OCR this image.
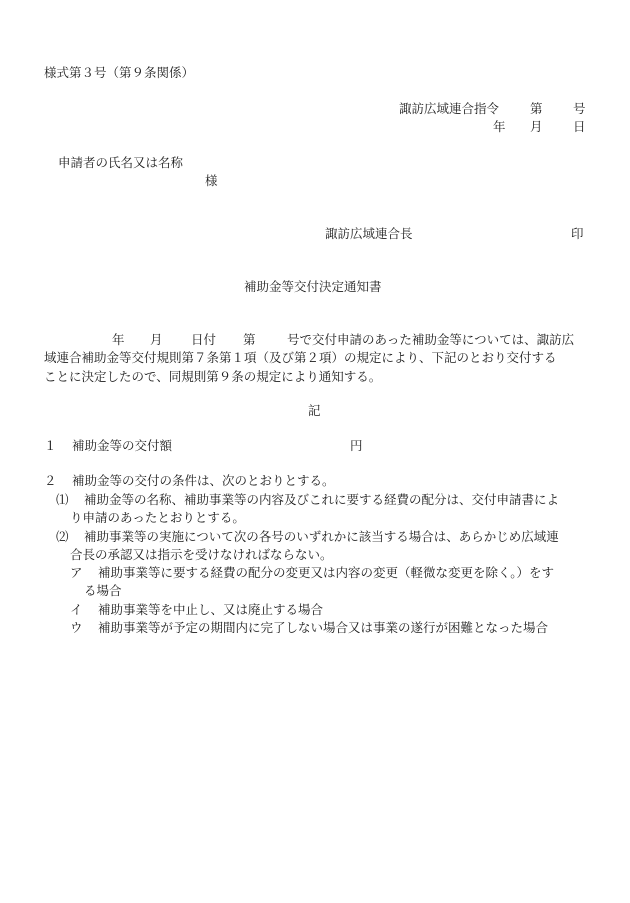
様式第３号（第９条関係）
諏訪広域連合指令 第 号
年 月 日
申請者の氏名又は名称
様
諏訪広域連合長	印
補助金等交付決定通知書
年 月 日付 第	号で交付申請のあった補助金等については、諏訪広
域連合補助金等交付規則第７条第１項（及び第２項）の規定により、下記のとおり交付する
ことに決定したので、同規則第９条の規定により通知する。
記
１ 補助金等の交付額	円
２ 補助金等の交付の条件は、次のとおりとする。
⑴ 補助金等の名称、補助事業等の内容及びこれに要する経費の配分は、交付申請書によ
り申請のあったとおりとする。
⑵ 補助事業等の実施について次の各号のいずれかに該当する場合は、あらかじめ広域連
合長の承認又は指示を受けなければならない。
ア 補助事業等に要する経費の配分の変更又は内容の変更（軽微な変更を除く。）をす
る場合
イ 補助事業等を中止し、又は廃止する場合
ウ 補助事業等が予定の期間内に完了しない場合又は事業の遂行が困難となった場合
